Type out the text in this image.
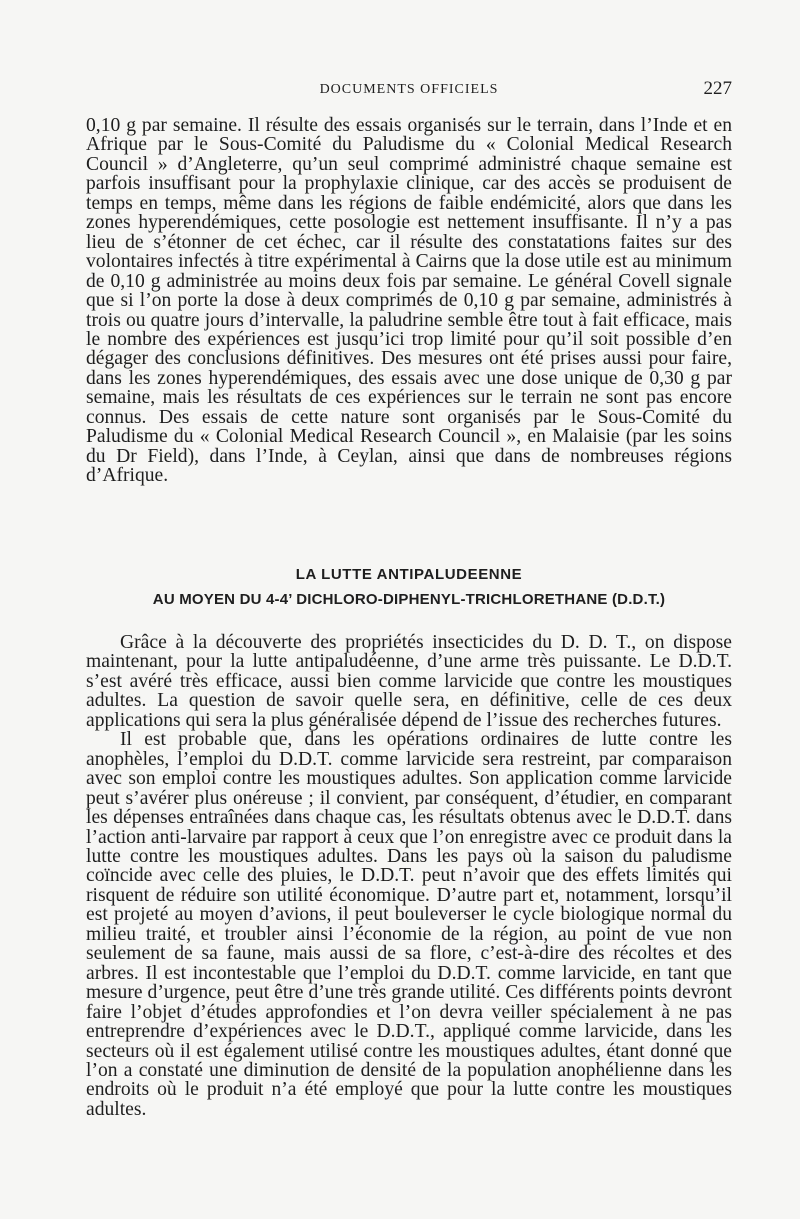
DOCUMENTS OFFICIELS	227

0,10 g par semaine. Il résulte des essais organisés sur le terrain, dans l’Inde et en Afrique par le Sous-Comité du Paludisme du « Colonial Medical Research Council » d’Angleterre, qu’un seul comprimé administré chaque semaine est parfois insuffisant pour la prophylaxie clinique, car des accès se produisent de temps en temps, même dans les régions de faible endémicité, alors que dans les zones hyperendémiques, cette posologie est nettement insuffisante. Il n’y a pas lieu de s’étonner de cet échec, car il résulte des constatations faites sur des volontaires infectés à titre expérimental à Cairns que la dose utile est au minimum de 0,10 g administrée au moins deux fois par semaine. Le général Covell signale que si l’on porte la dose à deux comprimés de 0,10 g par semaine, administrés à trois ou quatre jours d’intervalle, la paludrine semble être tout à fait efficace, mais le nombre des expériences est jusqu’ici trop limité pour qu’il soit possible d’en dégager des conclusions définitives. Des mesures ont été prises aussi pour faire, dans les zones hyperendémiques, des essais avec une dose unique de 0,30 g par semaine, mais les résultats de ces expériences sur le terrain ne sont pas encore connus. Des essais de cette nature sont organisés par le Sous-Comité du Paludisme du « Colonial Medical Research Council », en Malaisie (par les soins du Dr Field), dans l’Inde, à Ceylan, ainsi que dans de nombreuses régions d’Afrique.

LA LUTTE ANTIPALUDEENNE
AU MOYEN DU 4-4’ DICHLORO-DIPHENYL-TRICHLORETHANE (D.D.T.)

Grâce à la découverte des propriétés insecticides du D. D. T., on dispose maintenant, pour la lutte antipaludéenne, d’une arme très puissante. Le D.D.T. s’est avéré très efficace, aussi bien comme larvicide que contre les moustiques adultes. La question de savoir quelle sera, en définitive, celle de ces deux applications qui sera la plus généralisée dépend de l’issue des recherches futures.

Il est probable que, dans les opérations ordinaires de lutte contre les anophèles, l’emploi du D.D.T. comme larvicide sera restreint, par comparaison avec son emploi contre les moustiques adultes. Son application comme larvicide peut s’avérer plus onéreuse ; il convient, par conséquent, d’étudier, en comparant les dépenses entraînées dans chaque cas, les résultats obtenus avec le D.D.T. dans l’action anti-larvaire par rapport à ceux que l’on enregistre avec ce produit dans la lutte contre les moustiques adultes. Dans les pays où la saison du paludisme coïncide avec celle des pluies, le D.D.T. peut n’avoir que des effets limités qui risquent de réduire son utilité économique. D’autre part et, notamment, lorsqu’il est projeté au moyen d’avions, il peut bouleverser le cycle biologique normal du milieu traité, et troubler ainsi l’économie de la région, au point de vue non seulement de sa faune, mais aussi de sa flore, c’est-à-dire des récoltes et des arbres. Il est incontestable que l’emploi du D.D.T. comme larvicide, en tant que mesure d’urgence, peut être d’une très grande utilité. Ces différents points devront faire l’objet d’études approfondies et l’on devra veiller spécialement à ne pas entreprendre d’expériences avec le D.D.T., appliqué comme larvicide, dans les secteurs où il est également utilisé contre les moustiques adultes, étant donné que l’on a constaté une diminution de densité de la population anophélienne dans les endroits où le produit n’a été employé que pour la lutte contre les moustiques adultes.
